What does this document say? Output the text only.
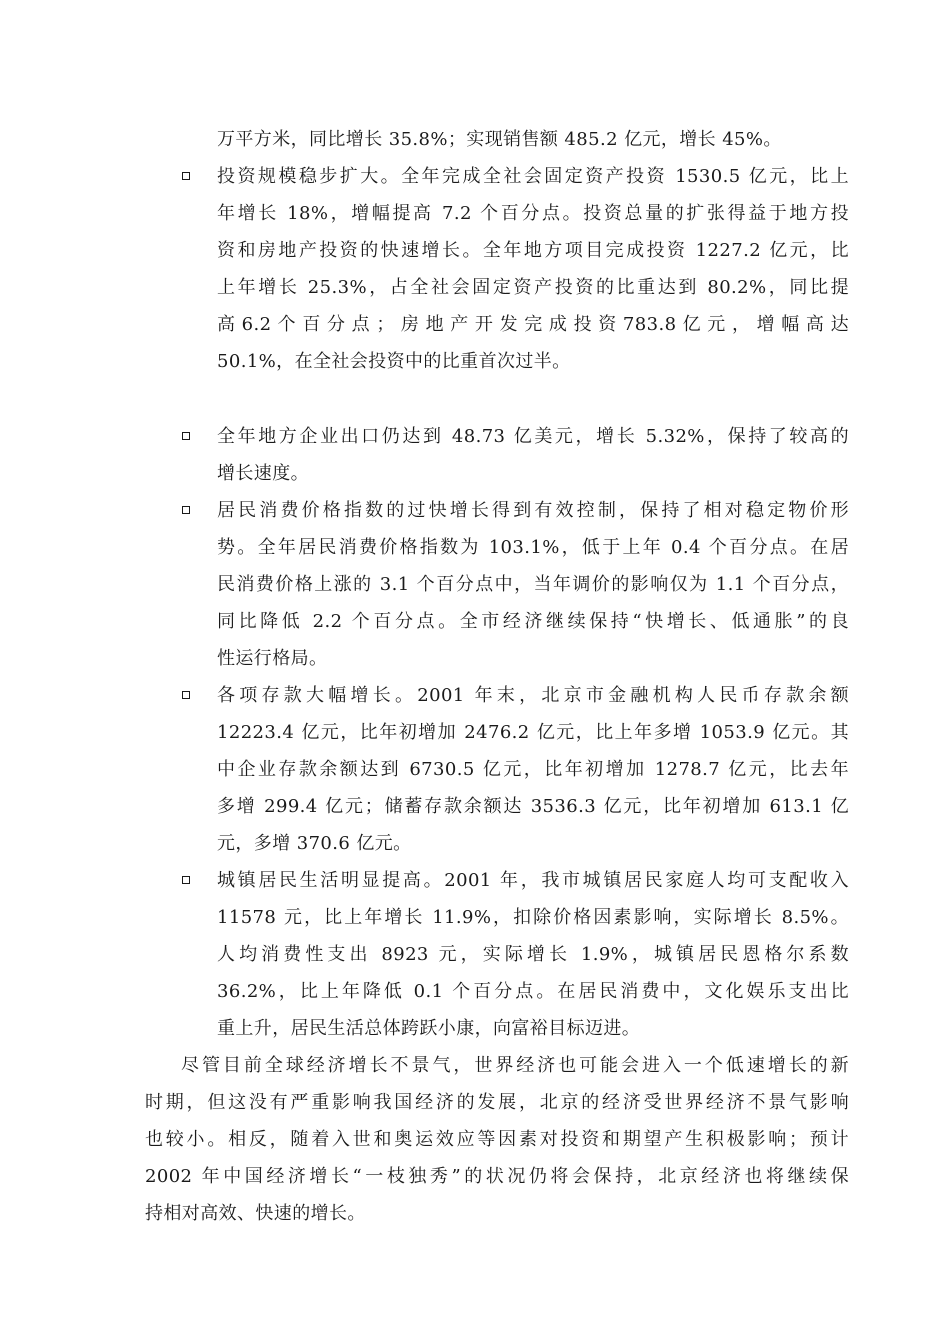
万平方米，同比增长 35.8%；实现销售额 485.2 亿元，增长 45%。
投资规模稳步扩大。全年完成全社会固定资产投资 1530.5 亿元，比上
年增长 18%，增幅提高 7.2 个百分点。投资总量的扩张得益于地方投
资和房地产投资的快速增长。全年地方项目完成投资 1227.2 亿元，比
上年增长 25.3%，占全社会固定资产投资的比重达到 80.2%，同比提
高 6.2 个 百 分 点 ； 房 地 产 开 发 完 成 投 资 783.8 亿 元 ， 增 幅 高 达
50.1%，在全社会投资中的比重首次过半。
全年地方企业出口仍达到 48.73 亿美元，增长 5.32%，保持了较高的
增长速度。
居民消费价格指数的过快增长得到有效控制，保持了相对稳定物价形
势。全年居民消费价格指数为 103.1%，低于上年 0.4 个百分点。在居
民消费价格上涨的 3.1 个百分点中，当年调价的影响仅为 1.1 个百分点，
同比降低 2.2 个百分点。全市经济继续保持“快增长、低通胀”的良
性运行格局。
各项存款大幅增长。2001 年末，北京市金融机构人民币存款余额
12223.4 亿元，比年初增加 2476.2 亿元，比上年多增 1053.9 亿元。其
中企业存款余额达到 6730.5 亿元，比年初增加 1278.7 亿元，比去年
多增 299.4 亿元；储蓄存款余额达 3536.3 亿元，比年初增加 613.1 亿
元，多增 370.6 亿元。
城镇居民生活明显提高。2001 年，我市城镇居民家庭人均可支配收入
11578 元，比上年增长 11.9%，扣除价格因素影响，实际增长 8.5%。
人均消费性支出 8923 元，实际增长 1.9%，城镇居民恩格尔系数
36.2%，比上年降低 0.1 个百分点。在居民消费中，文化娱乐支出比
重上升，居民生活总体跨跃小康，向富裕目标迈进。
尽管目前全球经济增长不景气，世界经济也可能会进入一个低速增长的新
时期，但这没有严重影响我国经济的发展，北京的经济受世界经济不景气影响
也较小。相反，随着入世和奥运效应等因素对投资和期望产生积极影响；预计
2002 年中国经济增长“一枝独秀”的状况仍将会保持，北京经济也将继续保
持相对高效、快速的增长。
